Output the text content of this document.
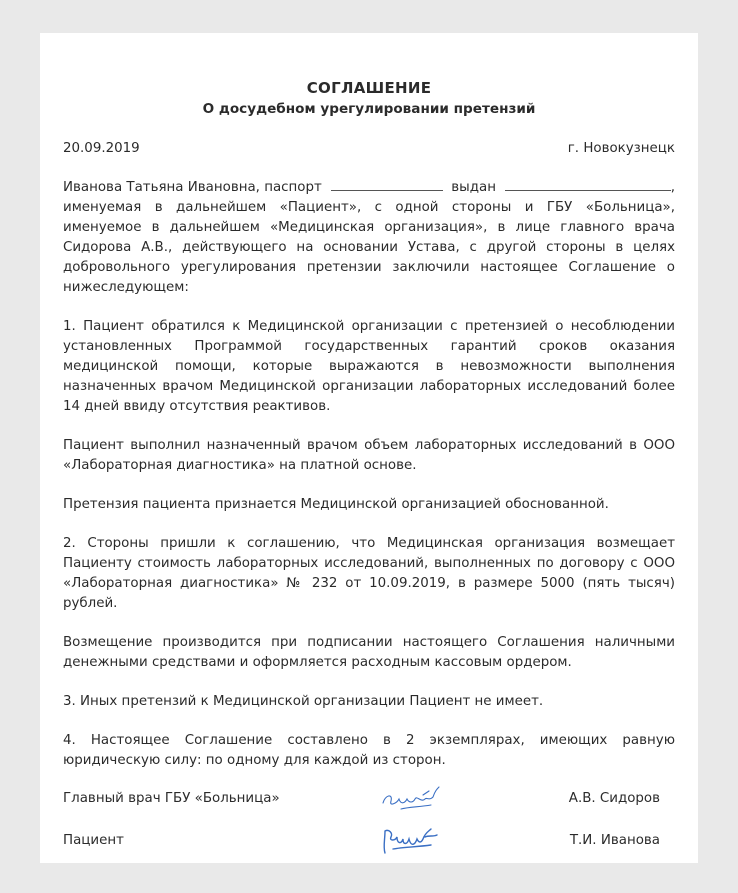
СОГЛАШЕНИЕ
О досудебном урегулировании претензий
20.09.2019	г. Новокузнецк
Иванова Татьяна Ивановна, паспорт	выдан	,
именуемая в дальнейшем «Пациент», с одной стороны и ГБУ «Больница», именуемое в дальнейшем «Медицинская организация», в лице главного врача Сидорова А.В., действующего на основании Устава, с другой стороны в целях добровольного урегулирования претензии заключили настоящее Соглашение о нижеследующем:
1. Пациент обратился к Медицинской организации с претензией о несоблюдении установленных Программой государственных гарантий сроков оказания медицинской помощи, которые выражаются в невозможности выполнения назначенных врачом Медицинской организации лабораторных исследований более 14 дней ввиду отсутствия реактивов.
Пациент выполнил назначенный врачом объем лабораторных исследований в ООО «Лабораторная диагностика» на платной основе.
Претензия пациента признается Медицинской организацией обоснованной.
2. Стороны пришли к соглашению, что Медицинская организация возмещает Пациенту стоимость лабораторных исследований, выполненных по договору с ООО «Лабораторная диагностика» № 232 от 10.09.2019, в размере 5000 (пять тысяч) рублей.
Возмещение производится при подписании настоящего Соглашения наличными денежными средствами и оформляется расходным кассовым ордером.
3. Иных претензий к Медицинской организации Пациент не имеет.
4. Настоящее Соглашение составлено в 2 экземплярах, имеющих равную юридическую силу: по одному для каждой из сторон.
Главный врач ГБУ «Больница»	А.В. Сидоров
Пациент	Т.И. Иванова
